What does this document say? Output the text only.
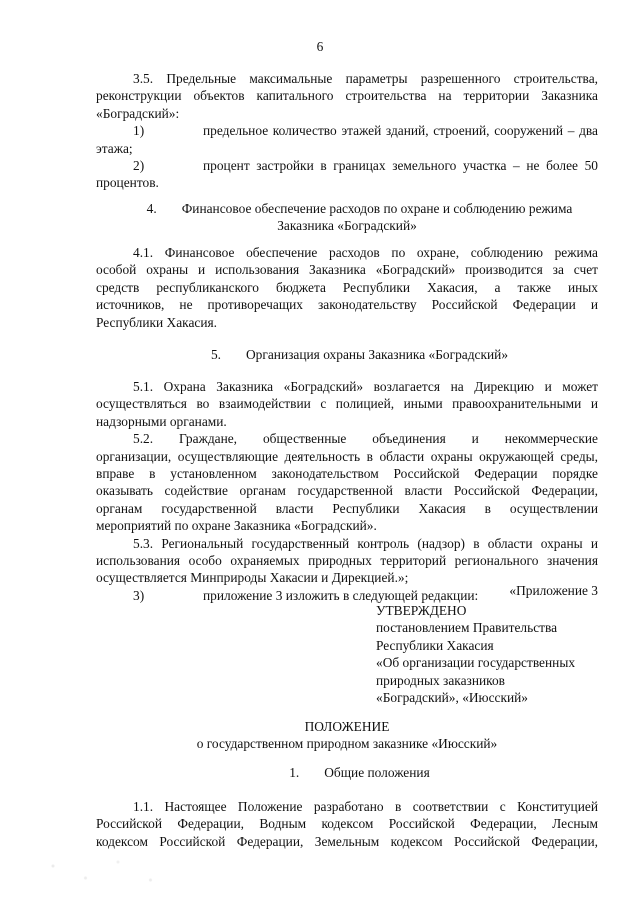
6
3.5. Предельные максимальные параметры разрешенного строительства,
реконструкции объектов капитального строительства на территории Заказника
«Боградский»:
1)	предельное количество этажей зданий, строений, сооружений – два
этажа;
2)	процент застройки в границах земельного участка – не более 50
процентов.
4. Финансовое обеспечение расходов по охране и соблюдению режима
Заказника «Боградский»
4.1. Финансовое обеспечение расходов по охране, соблюдению режима
особой охраны и использования Заказника «Боградский» производится за счет
средств республиканского бюджета Республики Хакасия, а также иных
источников, не противоречащих законодательству Российской Федерации и
Республики Хакасия.
5. Организация охраны Заказника «Боградский»
5.1. Охрана Заказника «Боградский» возлагается на Дирекцию и может
осуществляться во взаимодействии с полицией, иными правоохранительными и
надзорными органами.
5.2. Граждане, общественные объединения и некоммерческие
организации, осуществляющие деятельность в области охраны окружающей среды,
вправе в установленном законодательством Российской Федерации порядке
оказывать содействие органам государственной власти Российской Федерации,
органам государственной власти Республики Хакасия в осуществлении
мероприятий по охране Заказника «Боградский».
5.3. Региональный государственный контроль (надзор) в области охраны и
использования особо охраняемых природных территорий регионального значения
осуществляется Минприроды Хакасии и Дирекцией.»;
3)	приложение 3 изложить в следующей редакции: «Приложение 3
УТВЕРЖДЕНО
постановлением Правительства
Республики Хакасия
«Об организации государственных
природных заказников
«Боградский», «Июсский»
ПОЛОЖЕНИЕ
о государственном природном заказнике «Июсский»
1. Общие положения
1.1. Настоящее Положение разработано в соответствии с Конституцией
Российской Федерации, Водным кодексом Российской Федерации, Лесным
кодексом Российской Федерации, Земельным кодексом Российской Федерации,
